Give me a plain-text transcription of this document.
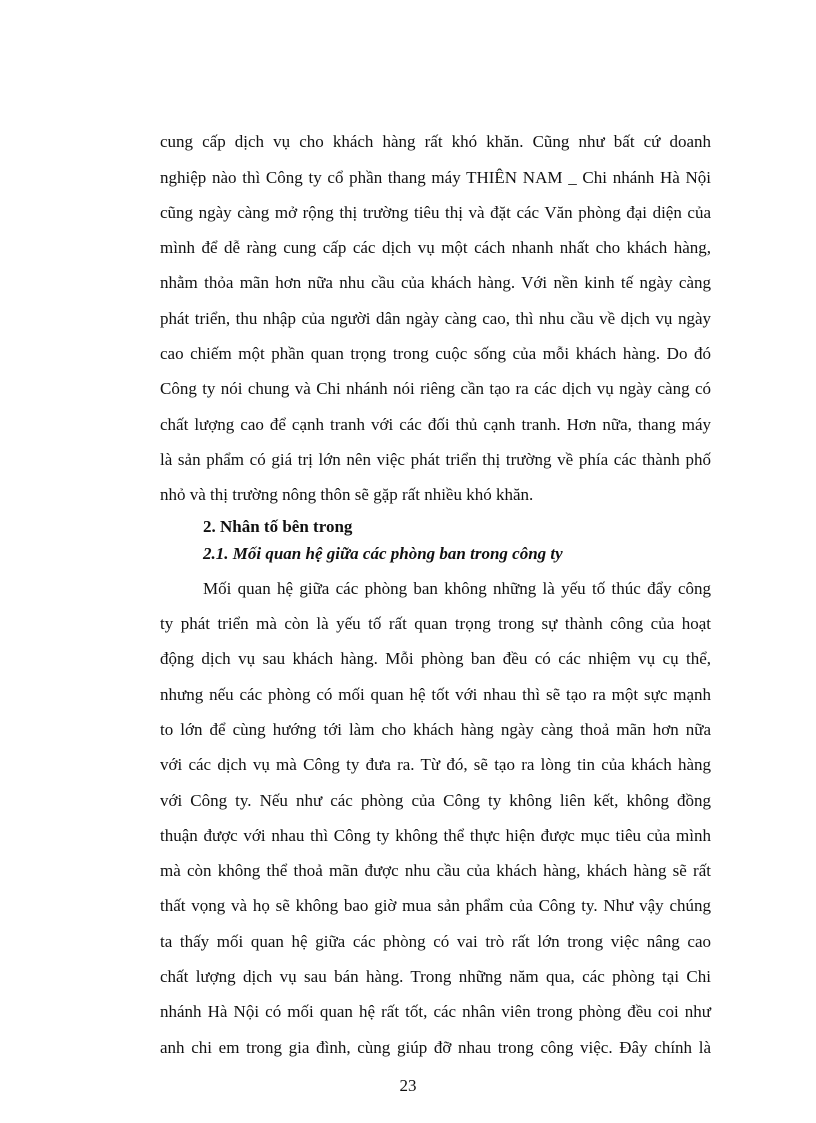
cung cấp dịch vụ cho khách hàng rất khó khăn. Cũng như bất cứ doanh
nghiệp nào thì Công ty cổ phần thang máy THIÊN NAM _ Chi nhánh Hà Nội
cũng ngày càng mở rộng thị trường tiêu thị và đặt các Văn phòng đại diện của
mình để dễ ràng cung cấp các dịch vụ một cách nhanh nhất cho khách hàng,
nhằm thỏa mãn hơn nữa nhu cầu của khách hàng. Với nền kinh tế ngày càng
phát triển, thu nhập của người dân ngày càng cao, thì nhu cầu về dịch vụ ngày
cao chiếm một phần quan trọng trong cuộc sống của mỗi khách hàng. Do đó
Công ty nói chung và Chi nhánh nói riêng cần tạo ra các dịch vụ ngày càng có
chất lượng cao để cạnh tranh với các đối thủ cạnh tranh. Hơn nữa, thang máy
là sản phẩm có giá trị lớn nên việc phát triển thị trường về phía các thành phố
nhỏ và thị trường nông thôn sẽ gặp rất nhiều khó khăn.
2. Nhân tố bên trong
2.1. Mối quan hệ giữa các phòng ban trong công ty
Mối quan hệ giữa các phòng ban không những là yếu tố thúc đẩy công
ty phát triển mà còn là yếu tố rất quan trọng trong sự thành công của hoạt
động dịch vụ sau khách hàng. Mỗi phòng ban đều có các nhiệm vụ cụ thể,
nhưng nếu các phòng có mối quan hệ tốt với nhau thì sẽ tạo ra một sực mạnh
to lớn để cùng hướng tới làm cho khách hàng ngày càng thoả mãn hơn nữa
với các dịch vụ mà Công ty đưa ra. Từ đó, sẽ tạo ra lòng tin của khách hàng
với Công ty. Nếu như các phòng của Công ty không liên kết, không đồng
thuận được với nhau thì Công ty không thể thực hiện được mục tiêu của mình
mà còn không thể thoả mãn được nhu cầu của khách hàng, khách hàng sẽ rất
thất vọng và họ sẽ không bao giờ mua sản phẩm của Công ty. Như vậy chúng
ta thấy mối quan hệ giữa các phòng có vai trò rất lớn trong việc nâng cao
chất lượng dịch vụ sau bán hàng. Trong những năm qua, các phòng tại Chi
nhánh Hà Nội có mối quan hệ rất tốt, các nhân viên trong phòng đều coi như
anh chi em trong gia đình, cùng giúp đỡ nhau trong công việc. Đây chính là
23
